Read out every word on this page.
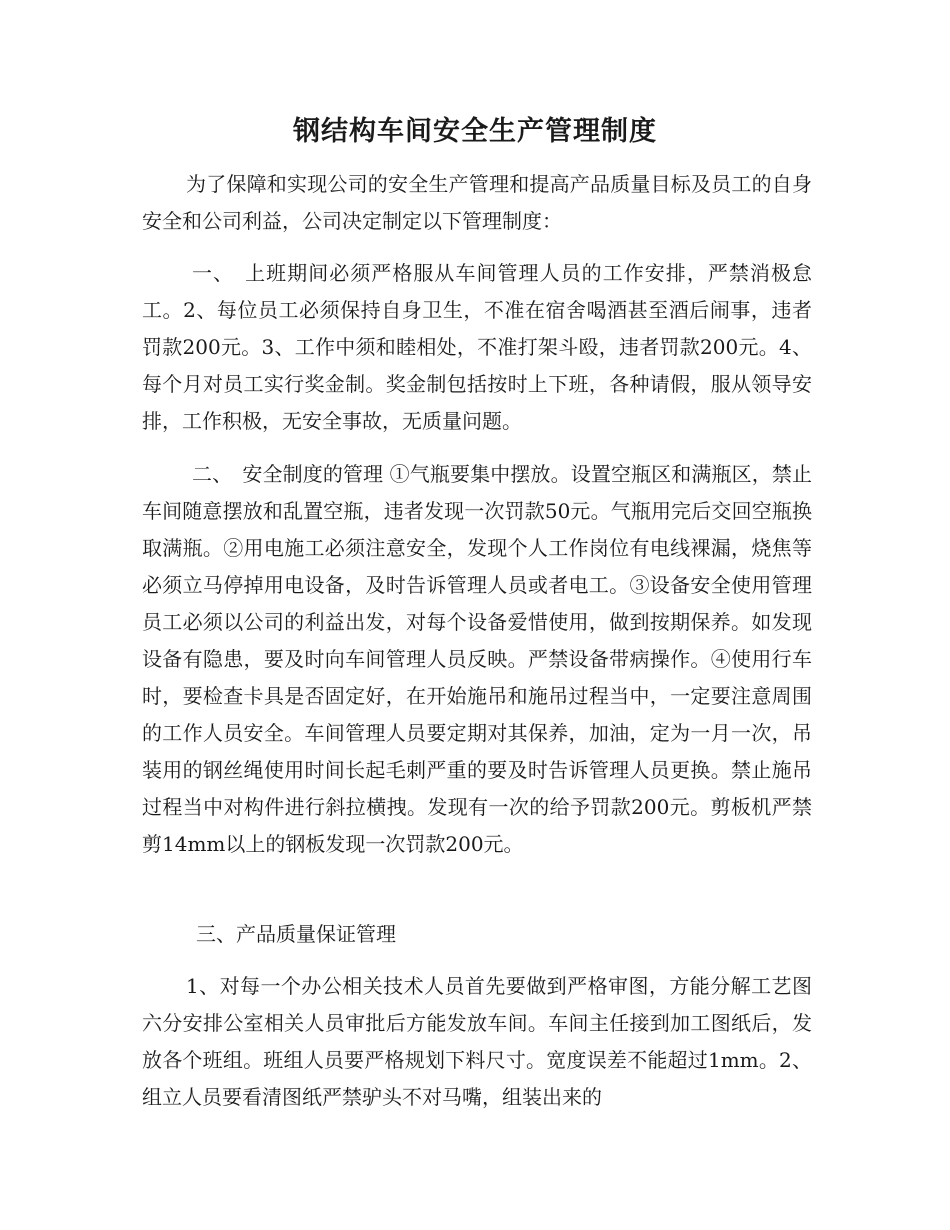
钢结构车间安全生产管理制度

为了保障和实现公司的安全生产管理和提高产品质量目标及员工的自身安全和公司利益，公司决定制定以下管理制度：

一、　上班期间必须严格服从车间管理人员的工作安排，严禁消极怠工。2、每位员工必须保持自身卫生，不准在宿舍喝酒甚至酒后闹事，违者罚款200元。3、工作中须和睦相处，不准打架斗殴，违者罚款200元。4、每个月对员工实行奖金制。奖金制包括按时上下班，各种请假，服从领导安排，工作积极，无安全事故，无质量问题。

二、　安全制度的管理 ①气瓶要集中摆放。设置空瓶区和满瓶区，禁止车间随意摆放和乱置空瓶，违者发现一次罚款50元。气瓶用完后交回空瓶换取满瓶。②用电施工必须注意安全，发现个人工作岗位有电线裸漏，烧焦等必须立马停掉用电设备，及时告诉管理人员或者电工。③设备安全使用管理员工必须以公司的利益出发，对每个设备爱惜使用，做到按期保养。如发现设备有隐患，要及时向车间管理人员反映。严禁设备带病操作。④使用行车时，要检查卡具是否固定好，在开始施吊和施吊过程当中，一定要注意周围的工作人员安全。车间管理人员要定期对其保养，加油，定为一月一次，吊装用的钢丝绳使用时间长起毛刺严重的要及时告诉管理人员更换。禁止施吊过程当中对构件进行斜拉横拽。发现有一次的给予罚款200元。剪板机严禁剪14mm以上的钢板发现一次罚款200元。

三、产品质量保证管理

1、对每一个办公相关技术人员首先要做到严格审图，方能分解工艺图六分安排公室相关人员审批后方能发放车间。车间主任接到加工图纸后，发放各个班组。班组人员要严格规划下料尺寸。宽度误差不能超过1mm。2、组立人员要看清图纸严禁驴头不对马嘴，组装出来的
